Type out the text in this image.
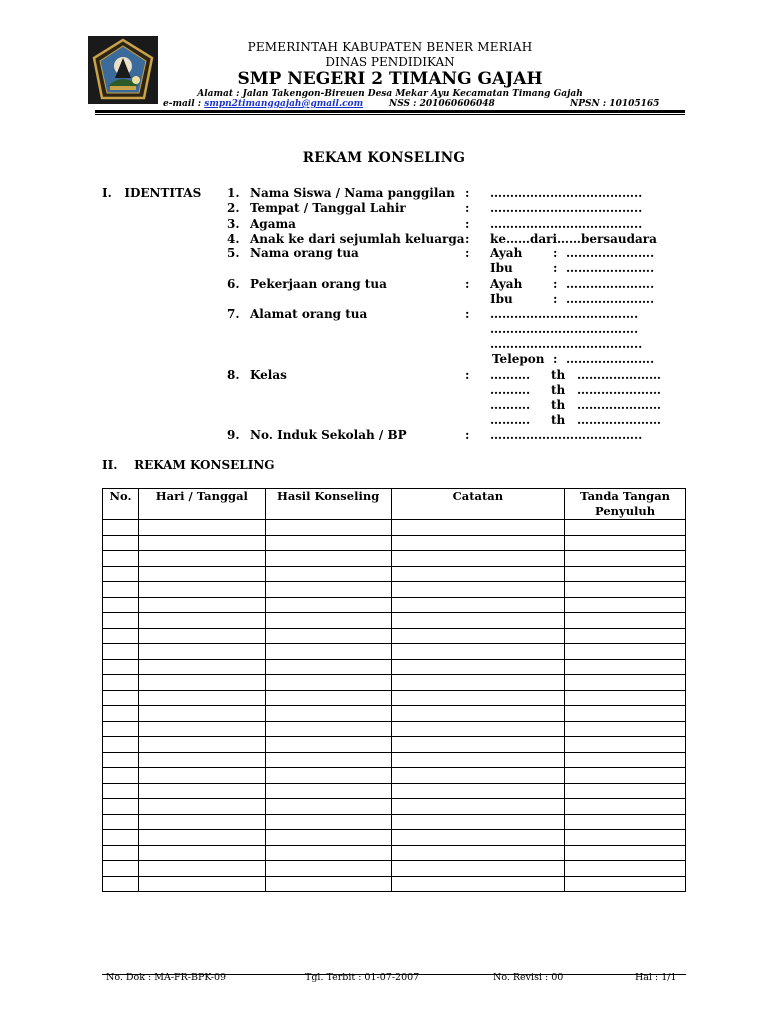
PEMERINTAH KABUPATEN BENER MERIAH
DINAS PENDIDIKAN
SMP NEGERI 2 TIMANG GAJAH
Alamat : Jalan Takengon-Bireuen Desa Mekar Ayu Kecamatan Timang Gajah
e-mail : smpn2timanggajah@gmail.com	NSS : 201060606048	NPSN : 10105165
REKAM KONSELING
I.   IDENTITAS 1. Nama Siswa / Nama panggilan : ………………………………..
2. Tempat / Tanggal Lahir	: ………………………………..
3. Agama	: ………………………………..
4. Anak ke dari sejumlah keluarga : ke……dari……bersaudara
5. Nama orang tua	: Ayah	: ………………….
Ibu	: ………………….
6. Pekerjaan orang tua	: Ayah	: ………………….
Ibu	: ………………….
7. Alamat orang tua	: ……………………………….
……………………………….
………………………………..
Telepon : ………………….
8. Kelas	: ………. th …………………
………. th …………………
………. th …………………
………. th …………………
9. No. Induk Sekolah / BP	: ………………………………..
II.    REKAM KONSELING
No.	Hari / Tanggal	Hasil Konseling	Catatan	Tanda Tangan Penyuluh

No. Dok : MA-FR-BPK-09	Tgl. Terbit : 01-07-2007	No. Revisi : 00	Hal : 1/1
